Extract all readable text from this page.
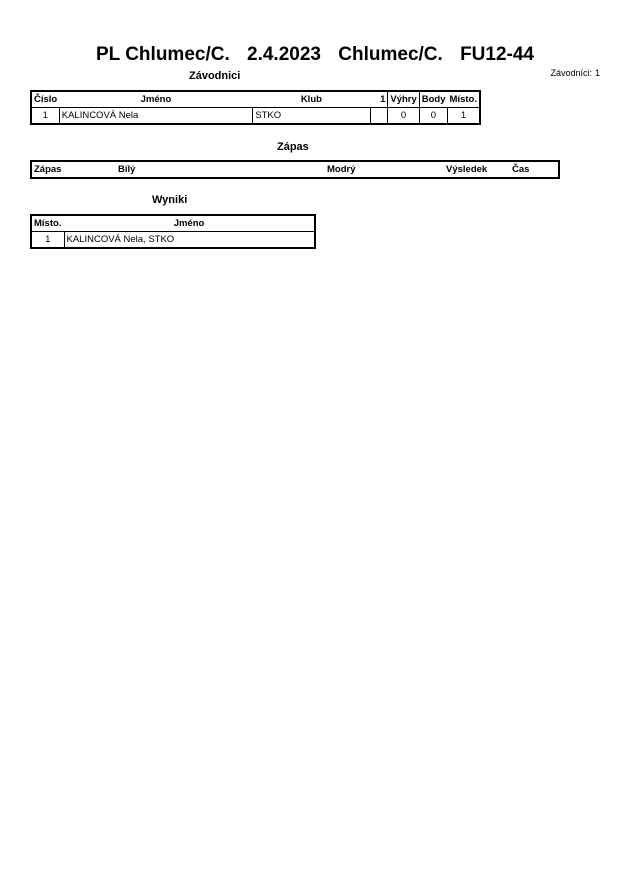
PL Chlumec/C. 2.4.2023 Chlumec/C. FU12-44
Závodníci: 1
Závodnici
Číslo	Jméno	Klub	1	Výhry	Body	Místo.
1	KALINCOVÁ Nela	STKO		0	0	1
Zápas
Zápas	Bílý	Modrý	Výsledek	Čas
Wyniki
Místo.	Jméno
1	KALINCOVÁ Nela, STKO
